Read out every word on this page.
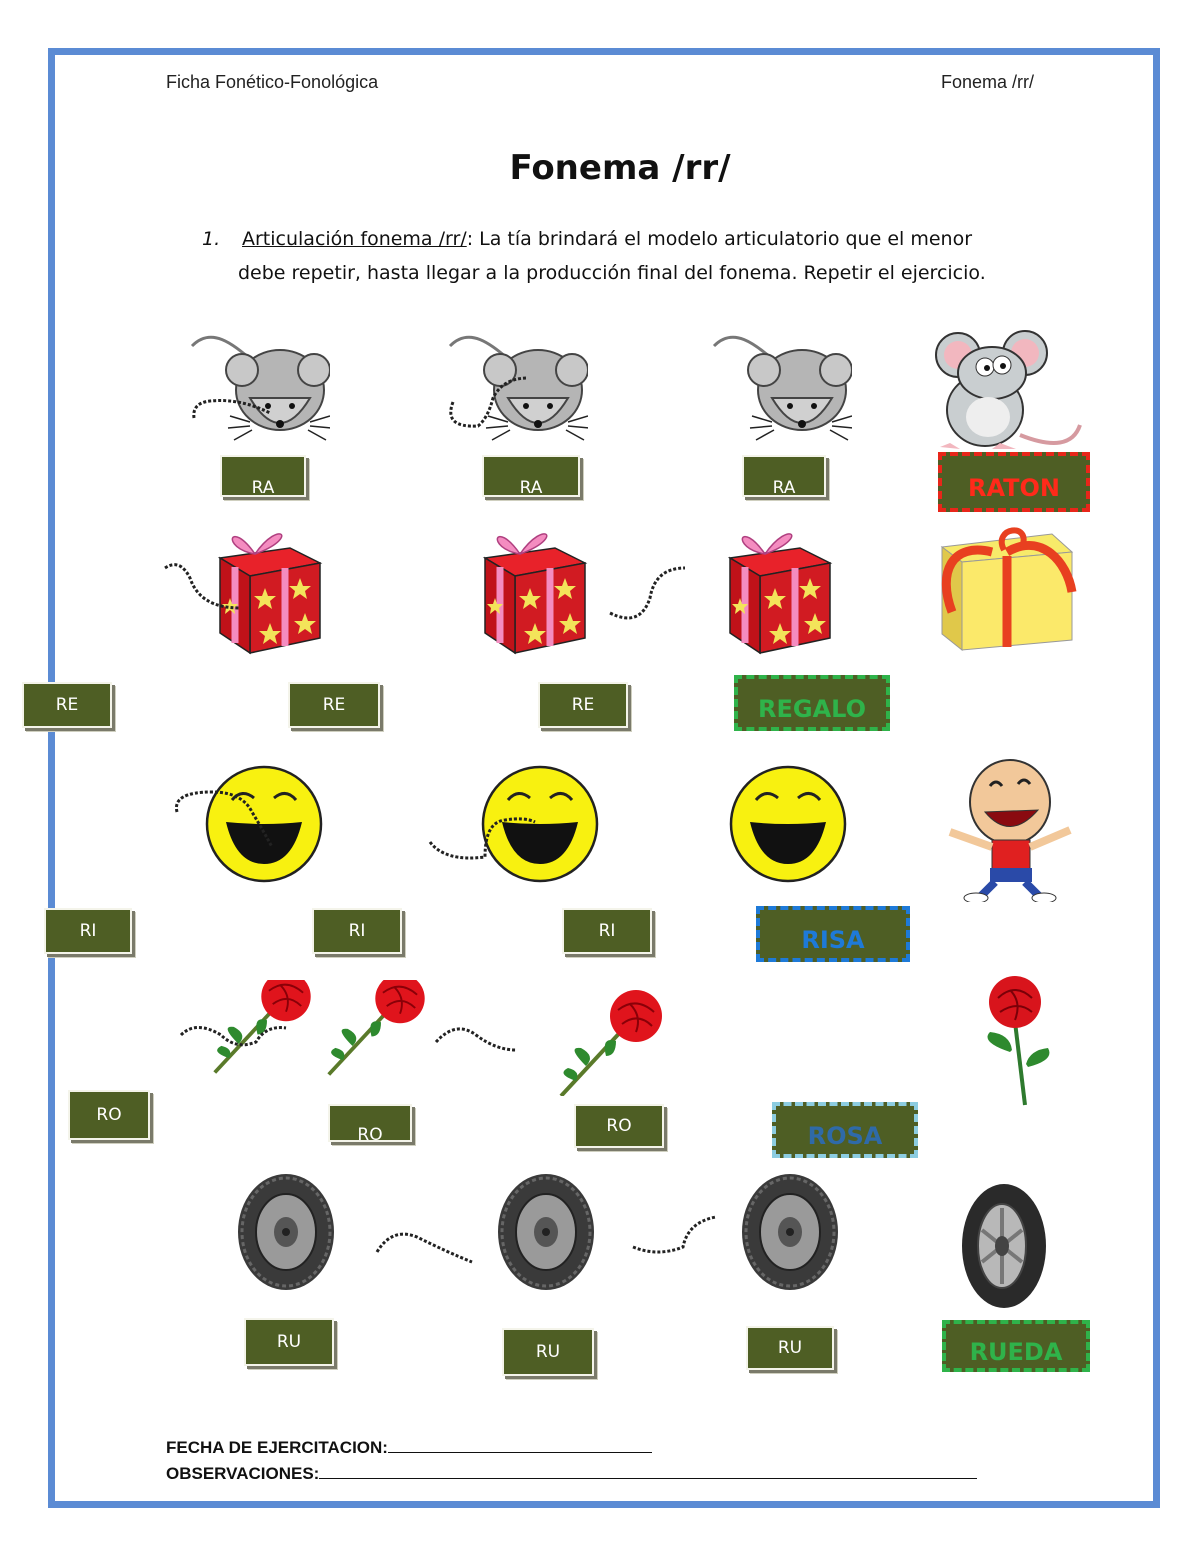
Ficha Fonético-Fonológica	Fonema /rr/
Fonema /rr/
1. Articulación fonema /rr/: La tía brindará el modelo articulatorio que el menor
debe repetir, hasta llegar a la producción final del fonema. Repetir el ejercicio.
RA	RA	RA	RATON
RE	RE	RE	REGALO
RI	RI	RI	RISA
RO
RO	RO	ROSA
RU	RU	RU	RUEDA
FECHA DE EJERCITACION:
OBSERVACIONES:
